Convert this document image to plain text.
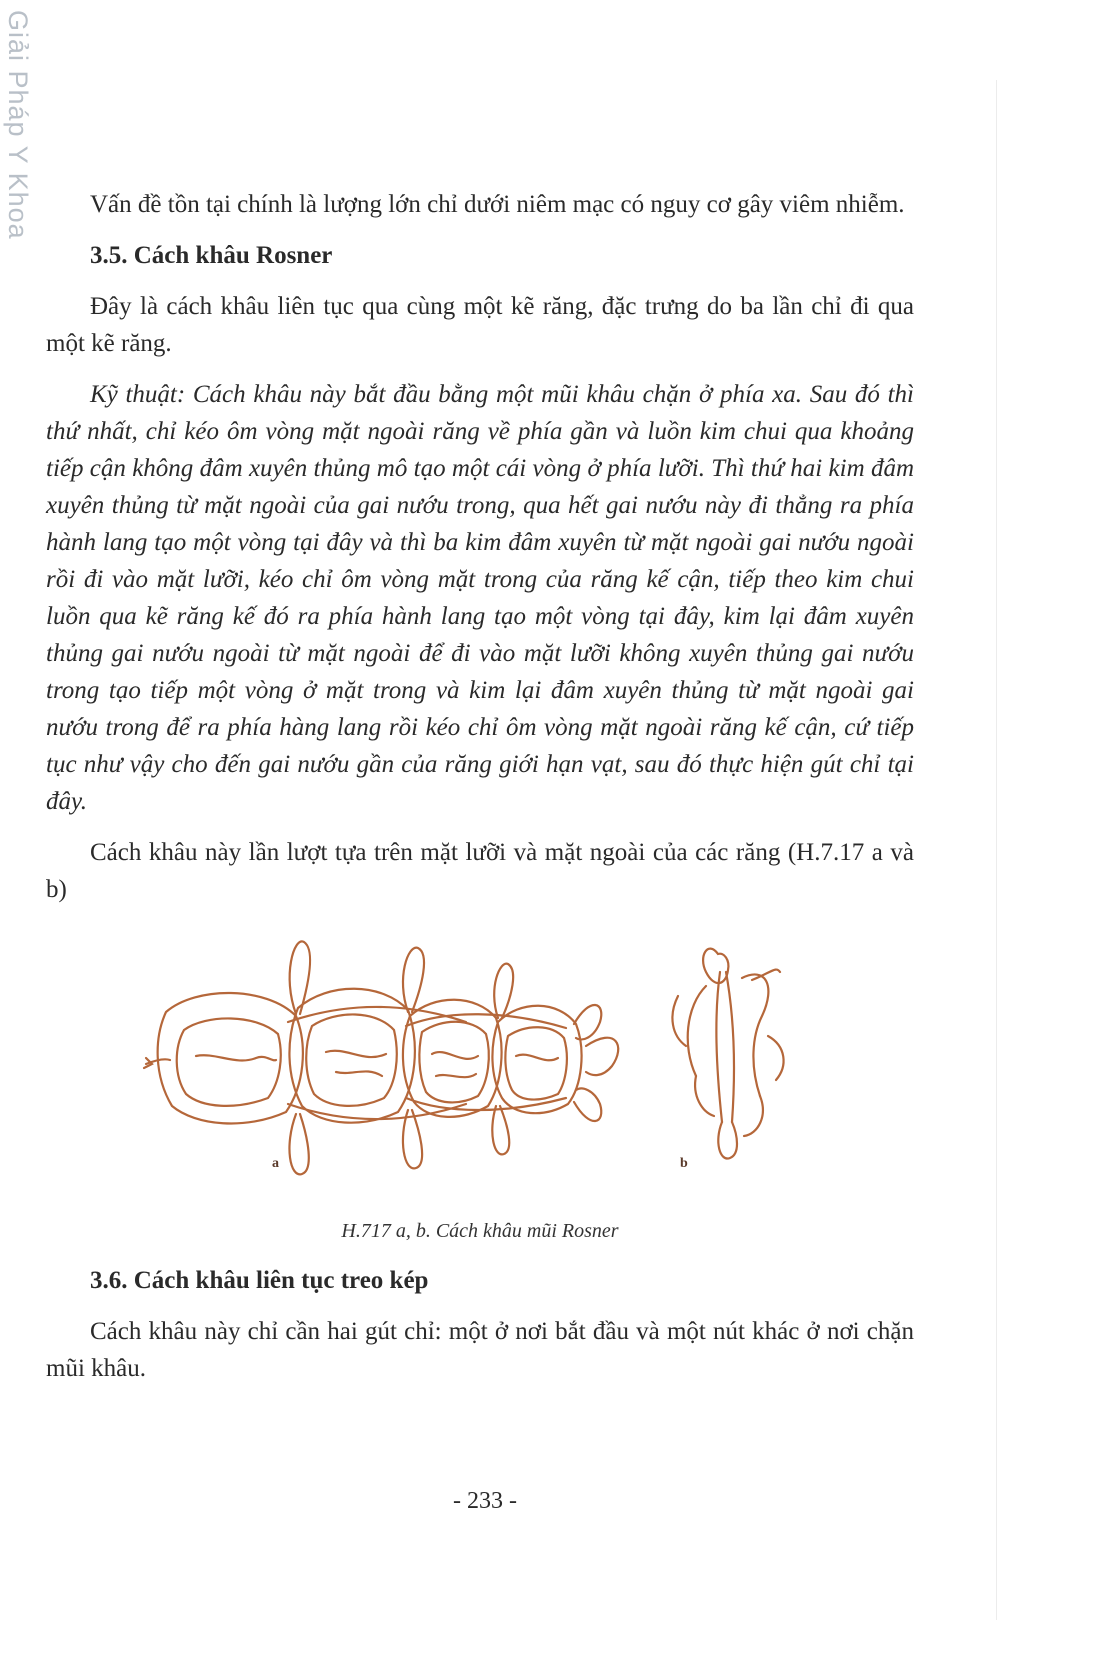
Giải Pháp Y Khoa	Vấn đề tồn tại chính là lượng lớn chỉ dưới niêm mạc có nguy cơ gây viêm nhiễm.

3.5. Cách khâu Rosner

Đây là cách khâu liên tục qua cùng một kẽ răng, đặc trưng do ba lần chỉ đi qua một kẽ răng.

Kỹ thuật: Cách khâu này bắt đầu bằng một mũi khâu chặn ở phía xa. Sau đó thì thứ nhất, chỉ kéo ôm vòng mặt ngoài răng về phía gần và luồn kim chui qua khoảng tiếp cận không đâm xuyên thủng mô tạo một cái vòng ở phía lưỡi. Thì thứ hai kim đâm xuyên thủng từ mặt ngoài của gai nướu trong, qua hết gai nướu này đi thẳng ra phía hành lang tạo một vòng tại đây và thì ba kim đâm xuyên từ mặt ngoài gai nướu ngoài rồi đi vào mặt lưỡi, kéo chỉ ôm vòng mặt trong của răng kế cận, tiếp theo kim chui luồn qua kẽ răng kế đó ra phía hành lang tạo một vòng tại đây, kim lại đâm xuyên thủng gai nướu ngoài từ mặt ngoài để đi vào mặt lưỡi không xuyên thủng gai nướu trong tạo tiếp một vòng ở mặt trong và kim lại đâm xuyên thủng từ mặt ngoài gai nướu trong để ra phía hàng lang rồi kéo chỉ ôm vòng mặt ngoài răng kế cận, cứ tiếp tục như vậy cho đến gai nướu gần của răng giới hạn vạt, sau đó thực hiện gút chỉ tại đây.

Cách khâu này lần lượt tựa trên mặt lưỡi và mặt ngoài của các răng (H.7.17 a và b)

a	b
H.717 a, b. Cách khâu mũi Rosner
3.6. Cách khâu liên tục treo kép

Cách khâu này chỉ cần hai gút chỉ: một ở nơi bắt đầu và một nút khác ở nơi chặn mũi khâu.

- 233 -
